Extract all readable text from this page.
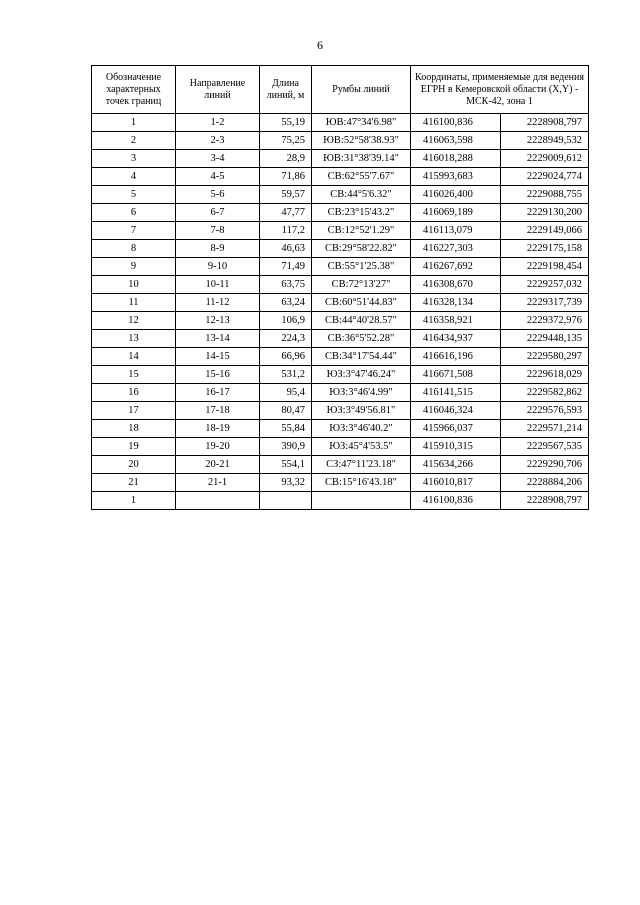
6
Обозначение характерных точек границ	Направление линий	Длина линий, м	Румбы линий	Координаты, применяемые для ведения ЕГРН в Кемеровской области (X,Y) - МСК-42, зона 1	
1	1-2	55,19	ЮВ:47°34'6.98"	416100,836	2228908,797
2	2-3	75,25	ЮВ:52°58'38.93"	416063,598	2228949,532
3	3-4	28,9	ЮВ:31°38'39.14"	416018,288	2229009,612
4	4-5	71,86	СВ:62°55'7.67"	415993,683	2229024,774
5	5-6	59,57	СВ:44°5'6.32"	416026,400	2229088,755
6	6-7	47,77	СВ:23°15'43.2"	416069,189	2229130,200
7	7-8	117,2	СВ:12°52'1.29"	416113,079	2229149,066
8	8-9	46,63	СВ:29°58'22.82"	416227,303	2229175,158
9	9-10	71,49	СВ:55°1'25.38"	416267,692	2229198,454
10	10-11	63,75	СВ:72°13'27"	416308,670	2229257,032
11	11-12	63,24	СВ:60°51'44.83"	416328,134	2229317,739
12	12-13	106,9	СВ:44°40'28.57"	416358,921	2229372,976
13	13-14	224,3	СВ:36°5'52.28"	416434,937	2229448,135
14	14-15	66,96	СВ:34°17'54.44"	416616,196	2229580,297
15	15-16	531,2	ЮЗ:3°47'46.24"	416671,508	2229618,029
16	16-17	95,4	ЮЗ:3°46'4.99"	416141,515	2229582,862
17	17-18	80,47	ЮЗ:3°49'56.81"	416046,324	2229576,593
18	18-19	55,84	ЮЗ:3°46'40.2"	415966,037	2229571,214
19	19-20	390,9	ЮЗ:45°4'53.5"	415910,315	2229567,535
20	20-21	554,1	СЗ:47°11'23.18"	415634,266	2229290,706
21	21-1	93,32	СВ:15°16'43.18"	416010,817	2228884,206
1				416100,836	2228908,797
